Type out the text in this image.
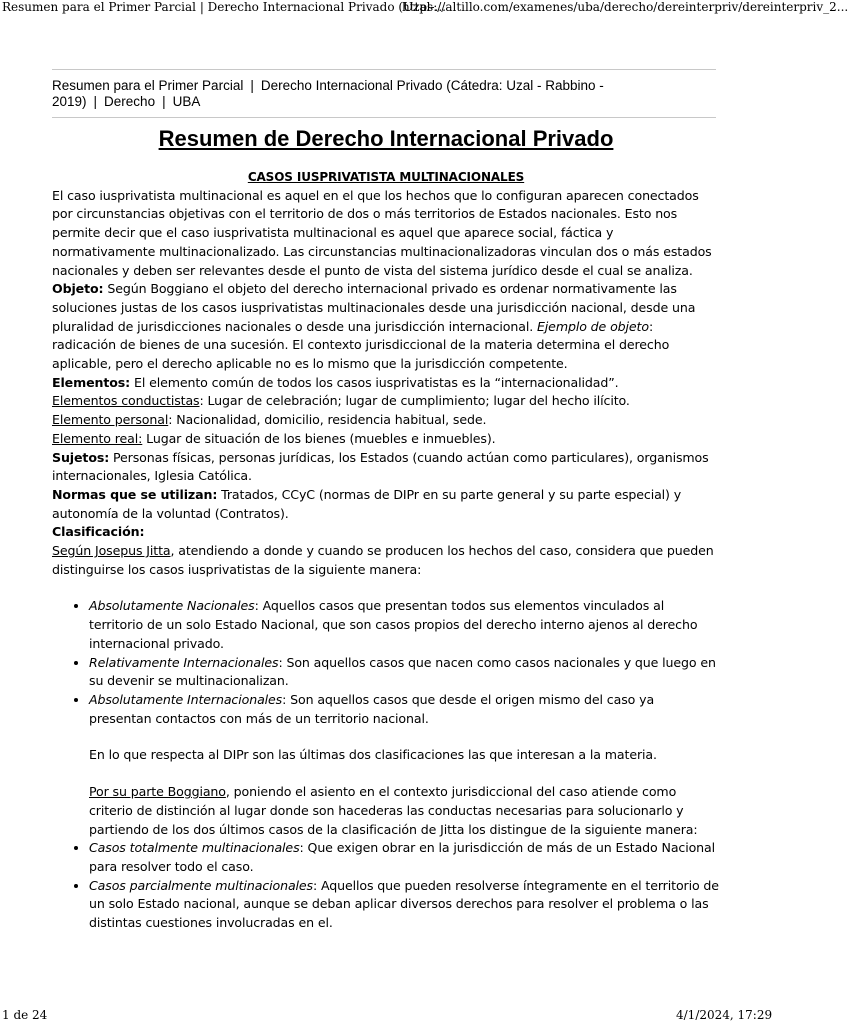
Resumen para el Primer Parcial | Derecho Internacional Privado (Uzal-...
https://altillo.com/examenes/uba/derecho/dereinterpriv/dereinterpriv_2...
Resumen para el Primer Parcial | Derecho Internacional Privado (Cátedra: Uzal - Rabbino - 2019) | Derecho | UBA
Resumen de Derecho Internacional Privado

CASOS IUSPRIVATISTA MULTINACIONALES

El caso iusprivatista multinacional es aquel en el que los hechos que lo configuran aparecen conectados por circunstancias objetivas con el territorio de dos o más territorios de Estados nacionales. Esto nos permite decir que el caso iusprivatista multinacional es aquel que aparece social, fáctica y normativamente multinacionalizado. Las circunstancias multinacionalizadoras vinculan dos o más estados nacionales y deben ser relevantes desde el punto de vista del sistema jurídico desde el cual se analiza.

Objeto: Según Boggiano el objeto del derecho internacional privado es ordenar normativamente las soluciones justas de los casos iusprivatistas multinacionales desde una jurisdicción nacional, desde una pluralidad de jurisdicciones nacionales o desde una jurisdicción internacional. Ejemplo de objeto: radicación de bienes de una sucesión. El contexto jurisdiccional de la materia determina el derecho aplicable, pero el derecho aplicable no es lo mismo que la jurisdicción competente.

Elementos: El elemento común de todos los casos iusprivatistas es la “internacionalidad”.

Elementos conductistas: Lugar de celebración; lugar de cumplimiento; lugar del hecho ilícito.

Elemento personal: Nacionalidad, domicilio, residencia habitual, sede.

Elemento real: Lugar de situación de los bienes (muebles e inmuebles).

Sujetos: Personas físicas, personas jurídicas, los Estados (cuando actúan como particulares), organismos internacionales, Iglesia Católica.

Normas que se utilizan: Tratados, CCyC (normas de DIPr en su parte general y su parte especial) y autonomía de la voluntad (Contratos).

Clasificación:

Según Josepus Jitta, atendiendo a donde y cuando se producen los hechos del caso, considera que pueden distinguirse los casos iusprivatistas de la siguiente manera:

• Absolutamente Nacionales: Aquellos casos que presentan todos sus elementos vinculados al territorio de un solo Estado Nacional, que son casos propios del derecho interno ajenos al derecho internacional privado.
• Relativamente Internacionales: Son aquellos casos que nacen como casos nacionales y que luego en su devenir se multinacionalizan.
• Absolutamente Internacionales: Son aquellos casos que desde el origen mismo del caso ya presentan contactos con más de un territorio nacional.

En lo que respecta al DIPr son las últimas dos clasificaciones las que interesan a la materia.

Por su parte Boggiano, poniendo el asiento en el contexto jurisdiccional del caso atiende como criterio de distinción al lugar donde son hacederas las conductas necesarias para solucionarlo y partiendo de los dos últimos casos de la clasificación de Jitta los distingue de la siguiente manera:

• Casos totalmente multinacionales: Que exigen obrar en la jurisdicción de más de un Estado Nacional para resolver todo el caso.
• Casos parcialmente multinacionales: Aquellos que pueden resolverse íntegramente en el territorio de un solo Estado nacional, aunque se deban aplicar diversos derechos para resolver el problema o las distintas cuestiones involucradas en el.
1 de 24	4/1/2024, 17:29
